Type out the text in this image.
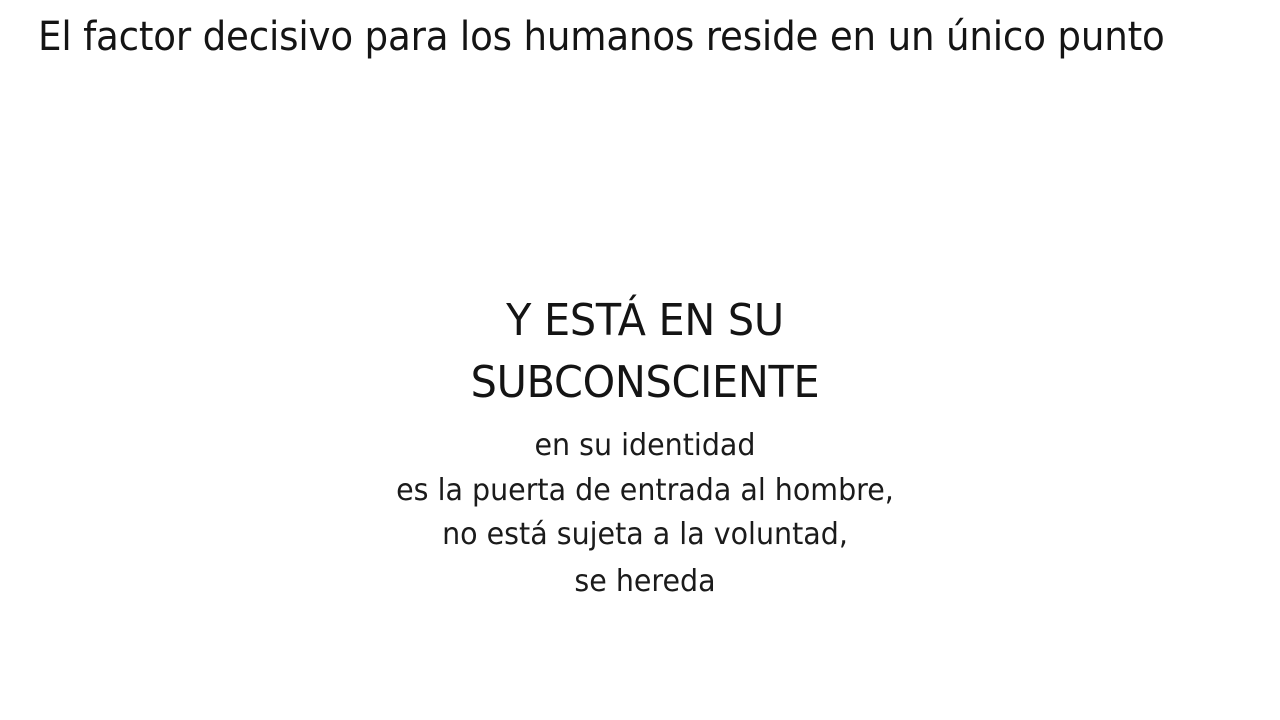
El factor decisivo para los humanos reside en un único punto
Y ESTÁ EN SU
SUBCONSCIENTE
en su identidad
es la puerta de entrada al hombre,
no está sujeta a la voluntad,
se hereda
